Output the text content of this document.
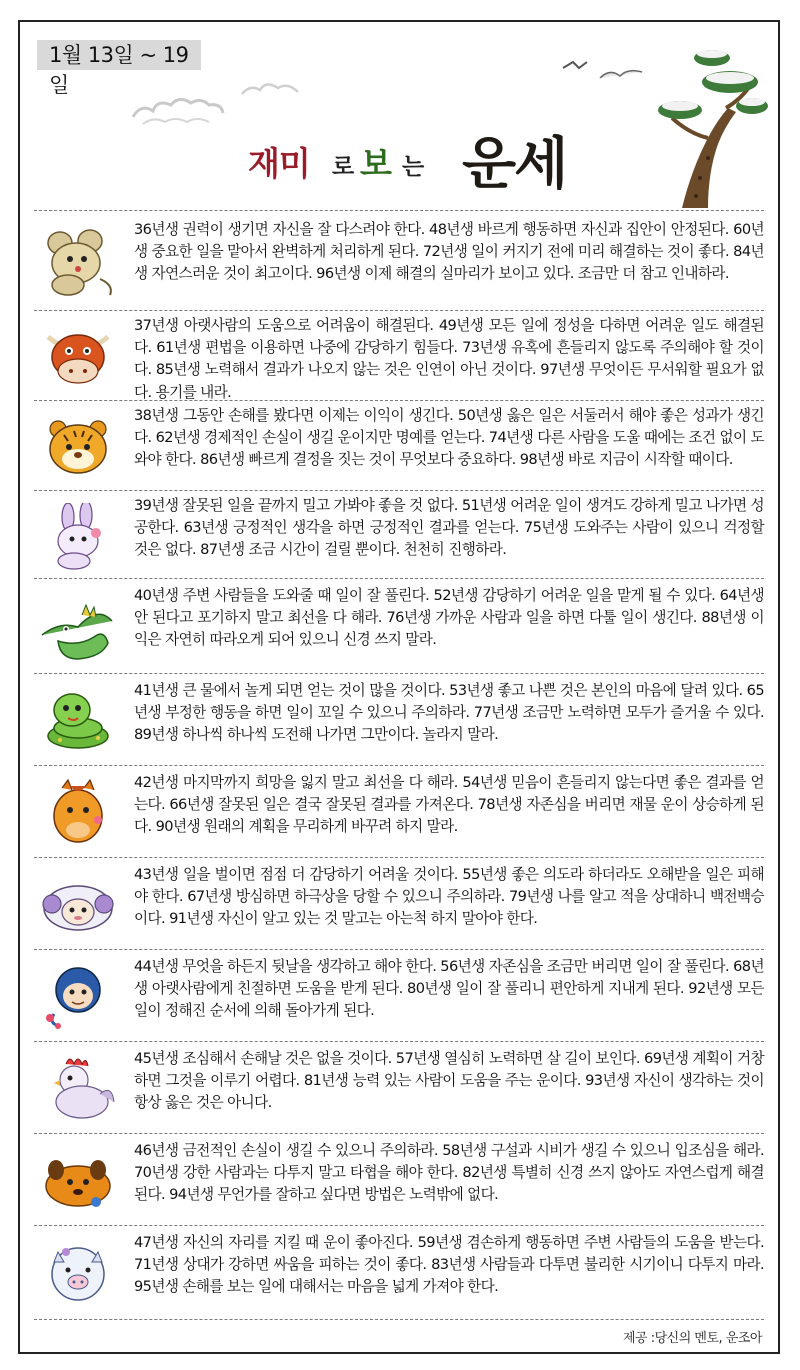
1월 13일 ~ 19일
재미 로 보 는 운세
36년생 권력이 생기면 자신을 잘 다스려야 한다. 48년생 바르게 행동하면 자신과 집안이 안정된다. 60년생 중요한 일을 맡아서 완벽하게 처리하게 된다. 72년생 일이 커지기 전에 미리 해결하는 것이 좋다. 84년생 자연스러운 것이 최고이다. 96년생 이제 해결의 실마리가 보이고 있다. 조금만 더 참고 인내하라.
37년생 아랫사람의 도움으로 어려움이 해결된다. 49년생 모든 일에 정성을 다하면 어려운 일도 해결된다. 61년생 편법을 이용하면 나중에 감당하기 힘들다. 73년생 유혹에 흔들리지 않도록 주의해야 할 것이다. 85년생 노력해서 결과가 나오지 않는 것은 인연이 아닌 것이다. 97년생 무엇이든 무서워할 필요가 없다. 용기를 내라.
38년생 그동안 손해를 봤다면 이제는 이익이 생긴다. 50년생 옳은 일은 서둘러서 해야 좋은 성과가 생긴다. 62년생 경제적인 손실이 생길 운이지만 명예를 얻는다. 74년생 다른 사람을 도울 때에는 조건 없이 도와야 한다. 86년생 빠르게 결정을 짓는 것이 무엇보다 중요하다. 98년생 바로 지금이 시작할 때이다.
39년생 잘못된 일을 끝까지 밀고 가봐야 좋을 것 없다. 51년생 어려운 일이 생겨도 강하게 밀고 나가면 성공한다. 63년생 긍정적인 생각을 하면 긍정적인 결과를 얻는다. 75년생 도와주는 사람이 있으니 걱정할 것은 없다. 87년생 조금 시간이 걸릴 뿐이다. 천천히 진행하라.
40년생 주변 사람들을 도와줄 때 일이 잘 풀린다. 52년생 감당하기 어려운 일을 맡게 될 수 있다. 64년생 안 된다고 포기하지 말고 최선을 다 해라. 76년생 가까운 사람과 일을 하면 다툴 일이 생긴다. 88년생 이익은 자연히 따라오게 되어 있으니 신경 쓰지 말라.
41년생 큰 물에서 놀게 되면 얻는 것이 많을 것이다. 53년생 좋고 나쁜 것은 본인의 마음에 달려 있다. 65년생 부정한 행동을 하면 일이 꼬일 수 있으니 주의하라. 77년생 조금만 노력하면 모두가 즐거울 수 있다. 89년생 하나씩 하나씩 도전해 나가면 그만이다. 놀라지 말라.
42년생 마지막까지 희망을 잃지 말고 최선을 다 해라. 54년생 믿음이 흔들리지 않는다면 좋은 결과를 얻는다. 66년생 잘못된 일은 결국 잘못된 결과를 가져온다. 78년생 자존심을 버리면 재물 운이 상승하게 된다. 90년생 원래의 계획을 무리하게 바꾸려 하지 말라.
43년생 일을 벌이면 점점 더 감당하기 어려울 것이다. 55년생 좋은 의도라 하더라도 오해받을 일은 피해야 한다. 67년생 방심하면 하극상을 당할 수 있으니 주의하라. 79년생 나를 알고 적을 상대하니 백전백승이다. 91년생 자신이 알고 있는 것 말고는 아는척 하지 말아야 한다.
44년생 무엇을 하든지 뒷날을 생각하고 해야 한다. 56년생 자존심을 조금만 버리면 일이 잘 풀린다. 68년생 아랫사람에게 친절하면 도움을 받게 된다. 80년생 일이 잘 풀리니 편안하게 지내게 된다. 92년생 모든 일이 정해진 순서에 의해 돌아가게 된다.
45년생 조심해서 손해날 것은 없을 것이다. 57년생 열심히 노력하면 살 길이 보인다. 69년생 계획이 거창하면 그것을 이루기 어렵다. 81년생 능력 있는 사람이 도움을 주는 운이다. 93년생 자신이 생각하는 것이 항상 옳은 것은 아니다.
46년생 금전적인 손실이 생길 수 있으니 주의하라. 58년생 구설과 시비가 생길 수 있으니 입조심을 해라. 70년생 강한 사람과는 다투지 말고 타협을 해야 한다. 82년생 특별히 신경 쓰지 않아도 자연스럽게 해결된다. 94년생 무언가를 잘하고 싶다면 방법은 노력밖에 없다.
47년생 자신의 자리를 지킬 때 운이 좋아진다. 59년생 겸손하게 행동하면 주변 사람들의 도움을 받는다. 71년생 상대가 강하면 싸움을 피하는 것이 좋다. 83년생 사람들과 다투면 불리한 시기이니 다투지 마라. 95년생 손해를 보는 일에 대해서는 마음을 넓게 가져야 한다.
제공 :당신의 멘토, 운조아
